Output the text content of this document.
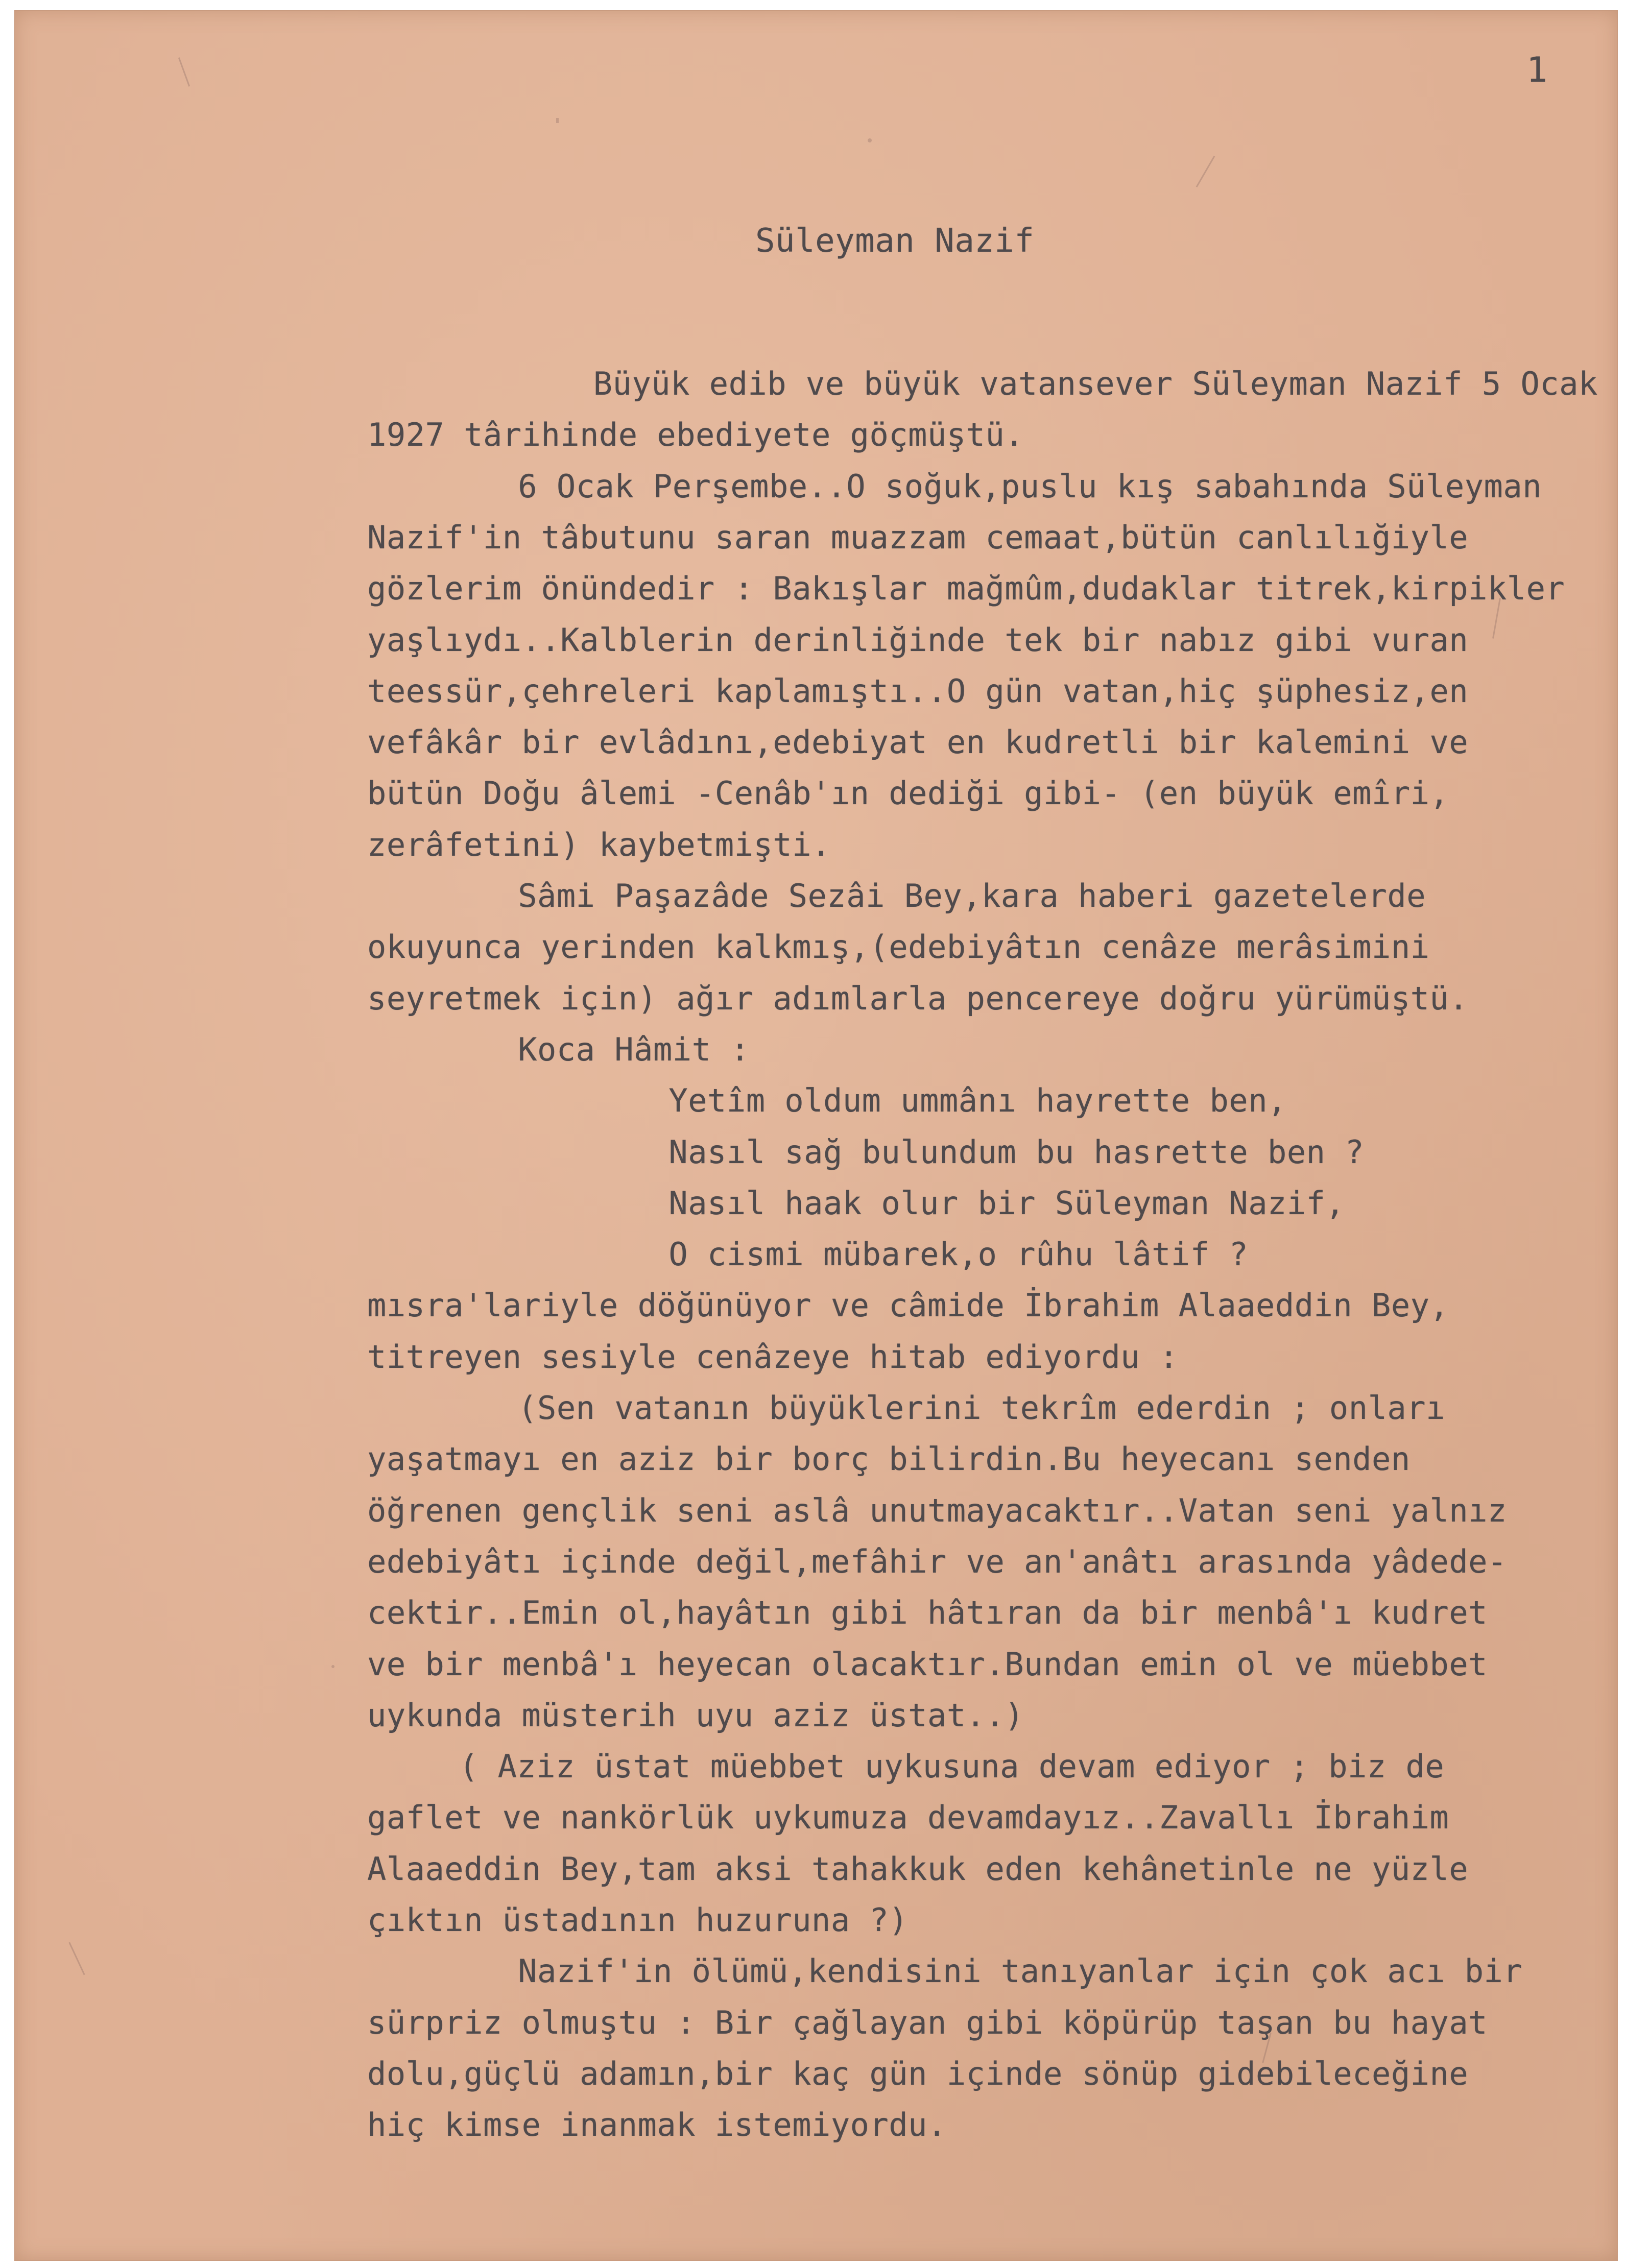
1
Süleyman Nazif
Büyük edib ve büyük vatansever Süleyman Nazif 5 Ocak
1927 târihinde ebediyete göçmüştü.
6 Ocak Perşembe..O soğuk,puslu kış sabahında Süleyman
Nazif'in tâbutunu saran muazzam cemaat,bütün canlılığiyle
gözlerim önündedir : Bakışlar mağmûm,dudaklar titrek,kirpikler
yaşlıydı..Kalblerin derinliğinde tek bir nabız gibi vuran
teessür,çehreleri kaplamıştı..O gün vatan,hiç şüphesiz,en
vefâkâr bir evlâdını,edebiyat en kudretli bir kalemini ve
bütün Doğu âlemi -Cenâb'ın dediği gibi- (en büyük emîri,
zerâfetini) kaybetmişti.
Sâmi Paşazâde Sezâi Bey,kara haberi gazetelerde
okuyunca yerinden kalkmış,(edebiyâtın cenâze merâsimini
seyretmek için) ağır adımlarla pencereye doğru yürümüştü.
Koca Hâmit :
Yetîm oldum ummânı hayrette ben,
Nasıl sağ bulundum bu hasrette ben ?
Nasıl haak olur bir Süleyman Nazif,
O cismi mübarek,o rûhu lâtif ?
mısra'lariyle döğünüyor ve câmide İbrahim Alaaeddin Bey,
titreyen sesiyle cenâzeye hitab ediyordu :
(Sen vatanın büyüklerini tekrîm ederdin ; onları
yaşatmayı en aziz bir borç bilirdin.Bu heyecanı senden
öğrenen gençlik seni aslâ unutmayacaktır..Vatan seni yalnız
edebiyâtı içinde değil,mefâhir ve an'anâtı arasında yâdede-
cektir..Emin ol,hayâtın gibi hâtıran da bir menbâ'ı kudret
ve bir menbâ'ı heyecan olacaktır.Bundan emin ol ve müebbet
uykunda müsterih uyu aziz üstat..)
( Aziz üstat müebbet uykusuna devam ediyor ; biz de
gaflet ve nankörlük uykumuza devamdayız..Zavallı İbrahim
Alaaeddin Bey,tam aksi tahakkuk eden kehânetinle ne yüzle
çıktın üstadının huzuruna ?)
Nazif'in ölümü,kendisini tanıyanlar için çok acı bir
sürpriz olmuştu : Bir çağlayan gibi köpürüp taşan bu hayat
dolu,güçlü adamın,bir kaç gün içinde sönüp gidebileceğine
hiç kimse inanmak istemiyordu.
